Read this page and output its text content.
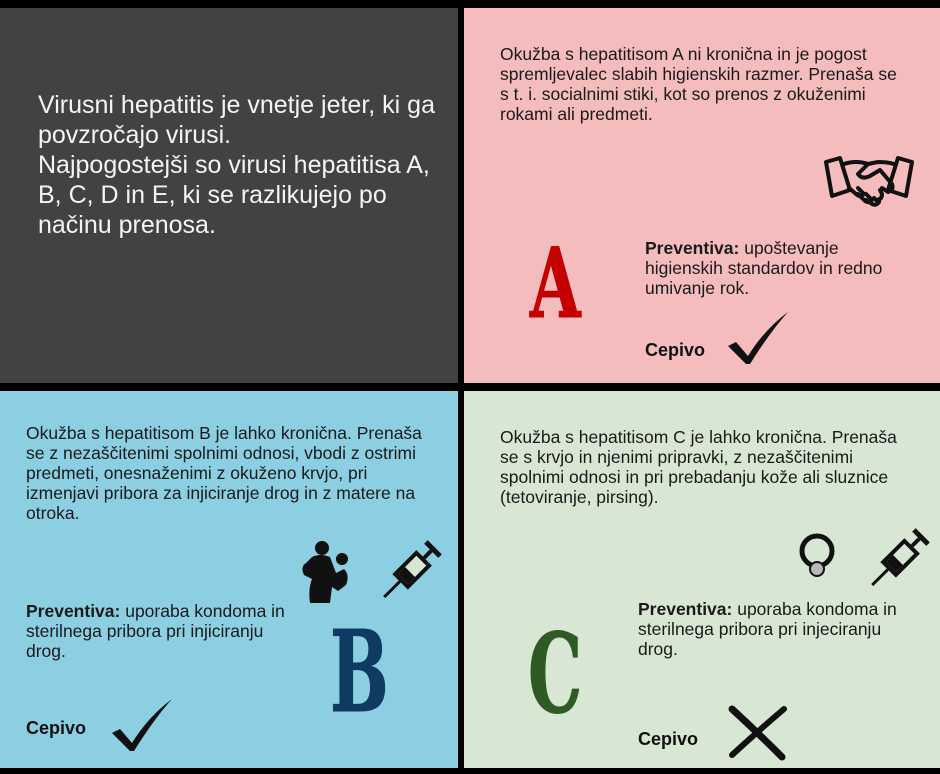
Virusni hepatitis je vnetje jeter, ki ga povzročajo virusi.

Najpogostejši so virusi hepatitisa A, B, C, D in E, ki se razlikujejo po načinu prenosa.

Okužba s hepatitisom A ni kronična in je pogost spremljevalec slabih higienskih razmer. Prenaša se s t. i. socialnimi stiki, kot so prenos z okuženimi rokami ali predmeti.

A	Preventiva: upoštevanje higienskih standardov in redno umivanje rok.

Cepivo

Okužba s hepatitisom B je lahko kronična. Prenaša se z nezaščitenimi spolnimi odnosi, vbodi z ostrimi predmeti, onesnaženimi z okuženo krvjo, pri izmenjavi pribora za injiciranje drog in z matere na otroka.

Preventiva: uporaba kondoma in sterilnega pribora pri injiciranju drog.	B
Cepivo

Okužba s hepatitisom C je lahko kronična. Prenaša se s krvjo in njenimi pripravki, z nezaščitenimi spolnimi odnosi in pri prebadanju kože ali sluznice (tetoviranje, pirsing).

C	Preventiva: uporaba kondoma in sterilnega pribora pri injeciranju drog.

Cepivo
